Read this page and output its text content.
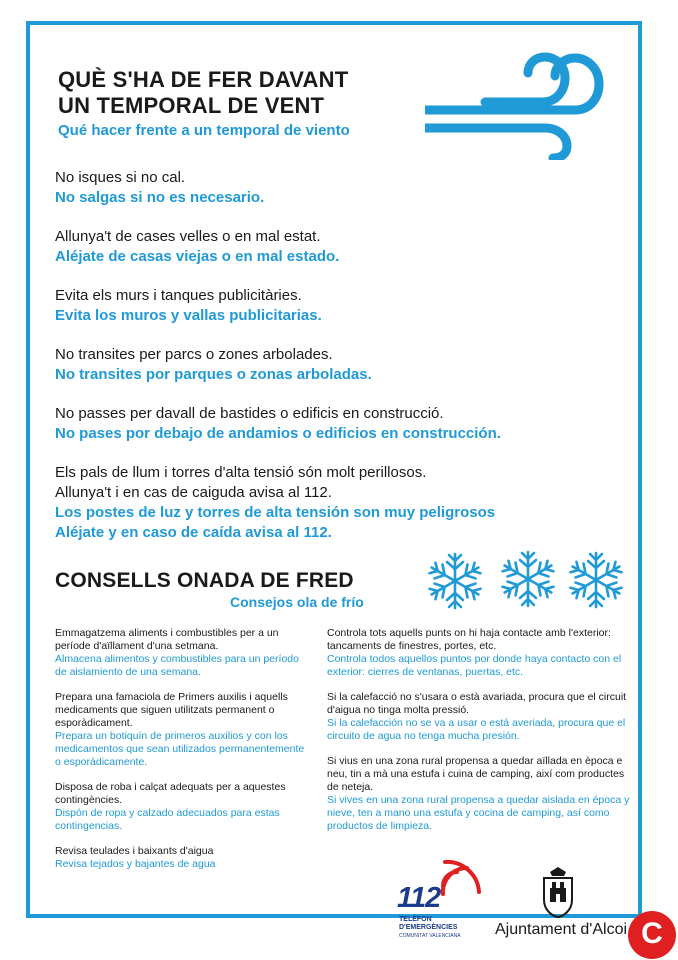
QUÈ S'HA DE FER DAVANT
UN TEMPORAL DE VENT
Qué hacer frente a un temporal de viento
No isques si no cal.
No salgas si no es necesario.
Allunya't de cases velles o en mal estat.
Aléjate de casas viejas o en mal estado.
Evita els murs i tanques publicitàries.
Evita los muros y vallas publicitarias.
No transites per parcs o zones arbolades.
No transites por parques o zonas arboladas.
No passes per davall de bastides o edificis en construcció.
No pases por debajo de andamios o edificios en construcción.
Els pals de llum i torres d'alta tensió són molt perillosos.
Allunya't i en cas de caiguda avisa al 112.
Los postes de luz y torres de alta tensión son muy peligrosos
Aléjate y en caso de caída avisa al 112.
CONSELLS ONADA DE FRED
Consejos ola de frío
Emmagatzema aliments i combustibles per a un període d'aïllament d'una setmana.
Almacena alimentos y combustibles para un período de aislamiento de una semana.
Prepara una famaciola de Primers auxilis i aquells medicaments que siguen utilitzats permanent o esporàdicament.
Prepara un botiquín de primeros auxilios y con los medicamentos que sean utilizados permanentemente o esporádicamente.
Disposa de roba i calçat adequats per a aquestes contingències.
Dispón de ropa y calzado adecuados para estas contingencias.
Revisa teulades i baixants d'aigua
Revisa tejados y bajantes de agua
Controla tots aquells punts on hi haja contacte amb l'exterior: tancaments de finestres, portes, etc.
Controla todos aquellos puntos por donde haya contacto con el exterior: cierres de ventanas, puertas, etc.
Si la calefacció no s'usara o està avariada, procura que el circuit d'aigua no tinga molta pressió.
Si la calefacción no se va a usar o está averiada, procura que el circuito de agua no tenga mucha presión.
Si vius en una zona rural propensa a quedar aïllada en època e neu, tin a mà una estufa i cuina de camping, així com productes de neteja.
Si vives en una zona rural propensa a quedar aislada en época y nieve, ten a mano una estufa y cocina de camping, así como productos de limpieza.
112
TELÈFON
D'EMERGÈNCIES
COMUNITAT VALENCIANA Ajuntament d'Alcoi C
